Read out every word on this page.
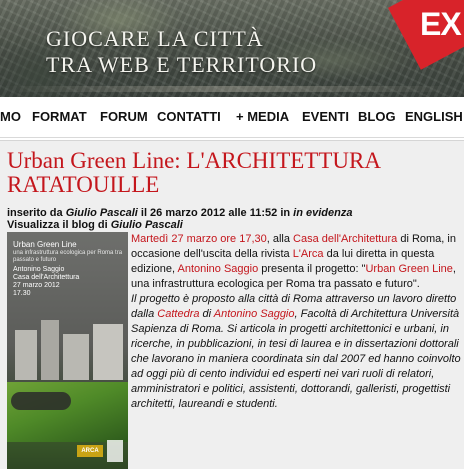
EX
GIOCARE LA CITTÀ
TRA WEB E TERRITORIO
MO FORMAT FORUM CONTATTI + MEDIA EVENTI BLOG ENGLISH
Urban Green Line: L'ARCHITETTURA RATATOUILLE
inserito da Giulio Pascali il 26 marzo 2012 alle 11:52 in in evidenza
Visualizza il blog di Giulio Pascali
Urban Green Line
una infrastruttura ecologica per Roma tra passato e futuro
Antonino Saggio
Casa dell'Architettura
27 marzo 2012
17.30
ARCA

Martedì 27 marzo ore 17,30, alla Casa dell'Architettura di Roma, in occasione dell'uscita della rivista L'Arca da lui diretta in questa edizione, Antonino Saggio presenta il progetto: "Urban Green Line, una infrastruttura ecologica per Roma tra passato e futuro".

Il progetto è proposto alla città di Roma attraverso un lavoro diretto dalla Cattedra di Antonino Saggio, Facoltà di Architettura Università Sapienza di Roma. Si articola in progetti architettonici e urbani, in ricerche, in pubblicazioni, in tesi di laurea e in dissertazioni dottorali che lavorano in maniera coordinata sin dal 2007 ed hanno coinvolto ad oggi più di cento individui ed esperti nei vari ruoli di relatori, amministratori e politici, assistenti, dottorandi, galleristi, progettisti architetti, laureandi e studenti.
